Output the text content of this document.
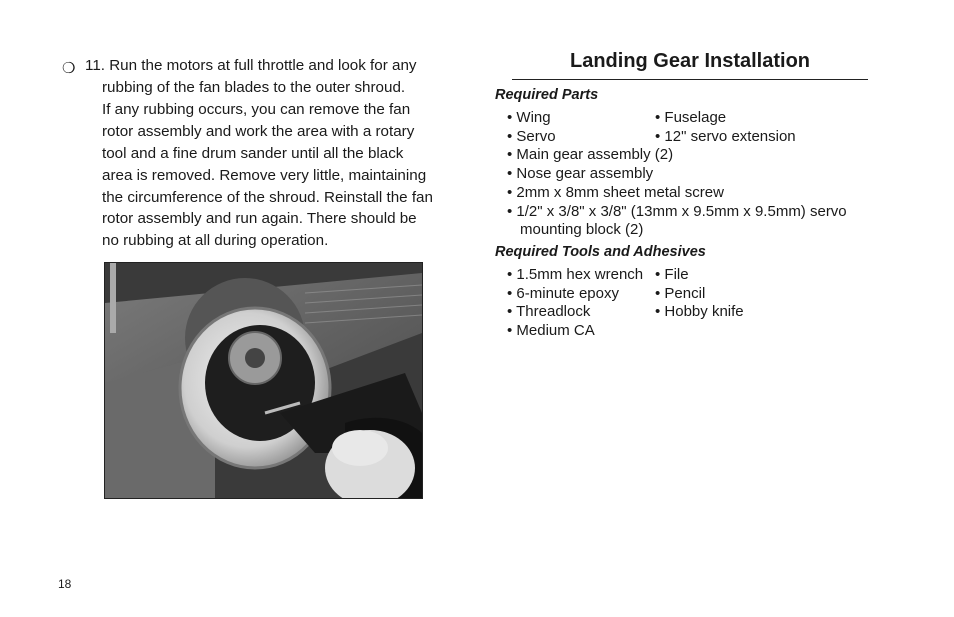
❍ 11. Run the motors at full throttle and look for any
rubbing of the fan blades to the outer shroud.
If any rubbing occurs, you can remove the fan
rotor assembly and work the area with a rotary
tool and a fine drum sander until all the black
area is removed. Remove very little, maintaining
the circumference of the shroud. Reinstall the fan
rotor assembly and run again. There should be
no rubbing at all during operation.
Landing Gear Installation
Required Parts
• Wing	• Fuselage
• Servo	• 12" servo extension
• Main gear assembly (2)
• Nose gear assembly
• 2mm x 8mm sheet metal screw
• 1/2" x 3/8" x 3/8" (13mm x 9.5mm x 9.5mm) servo
mounting block (2)
Required Tools and Adhesives
• 1.5mm hex wrench • File
• 6-minute epoxy • Pencil
• Threadlock	• Hobby knife
• Medium CA
18
